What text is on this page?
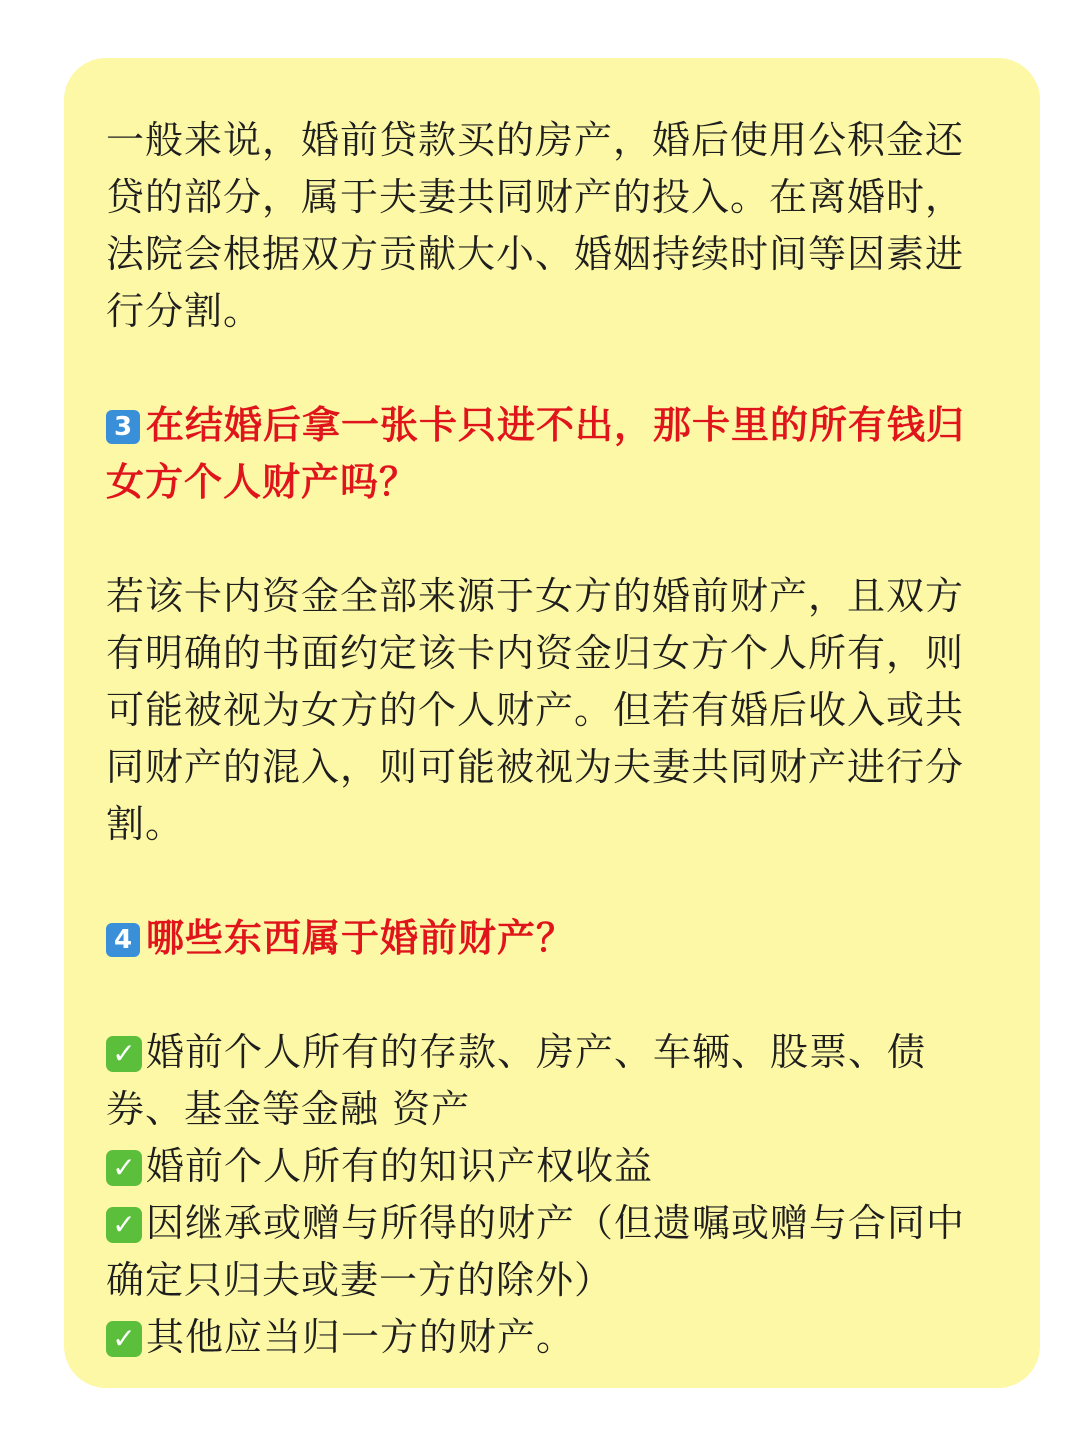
一般来说，婚前贷款买的房产，婚后使用公积金还贷的部分，属于夫妻共同财产的投入。在离婚时，法院会根据双方贡献大小、婚姻持续时间等因素进行分割。

3 在结婚后拿一张卡只进不出，那卡里的所有钱归女方个人财产吗？

若该卡内资金全部来源于女方的婚前财产，且双方有明确的书面约定该卡内资金归女方个人所有，则可能被视为女方的个人财产。但若有婚后收入或共同财产的混入，则可能被视为夫妻共同财产进行分割。

4 哪些东西属于婚前财产？

✓ 婚前个人所有的存款、房产、车辆、股票、债券、基金等金融 资产

✓ 婚前个人所有的知识产权收益

✓ 因继承或赠与所得的财产（但遗嘱或赠与合同中确定只归夫或妻一方的除外）

✓ 其他应当归一方的财产。
